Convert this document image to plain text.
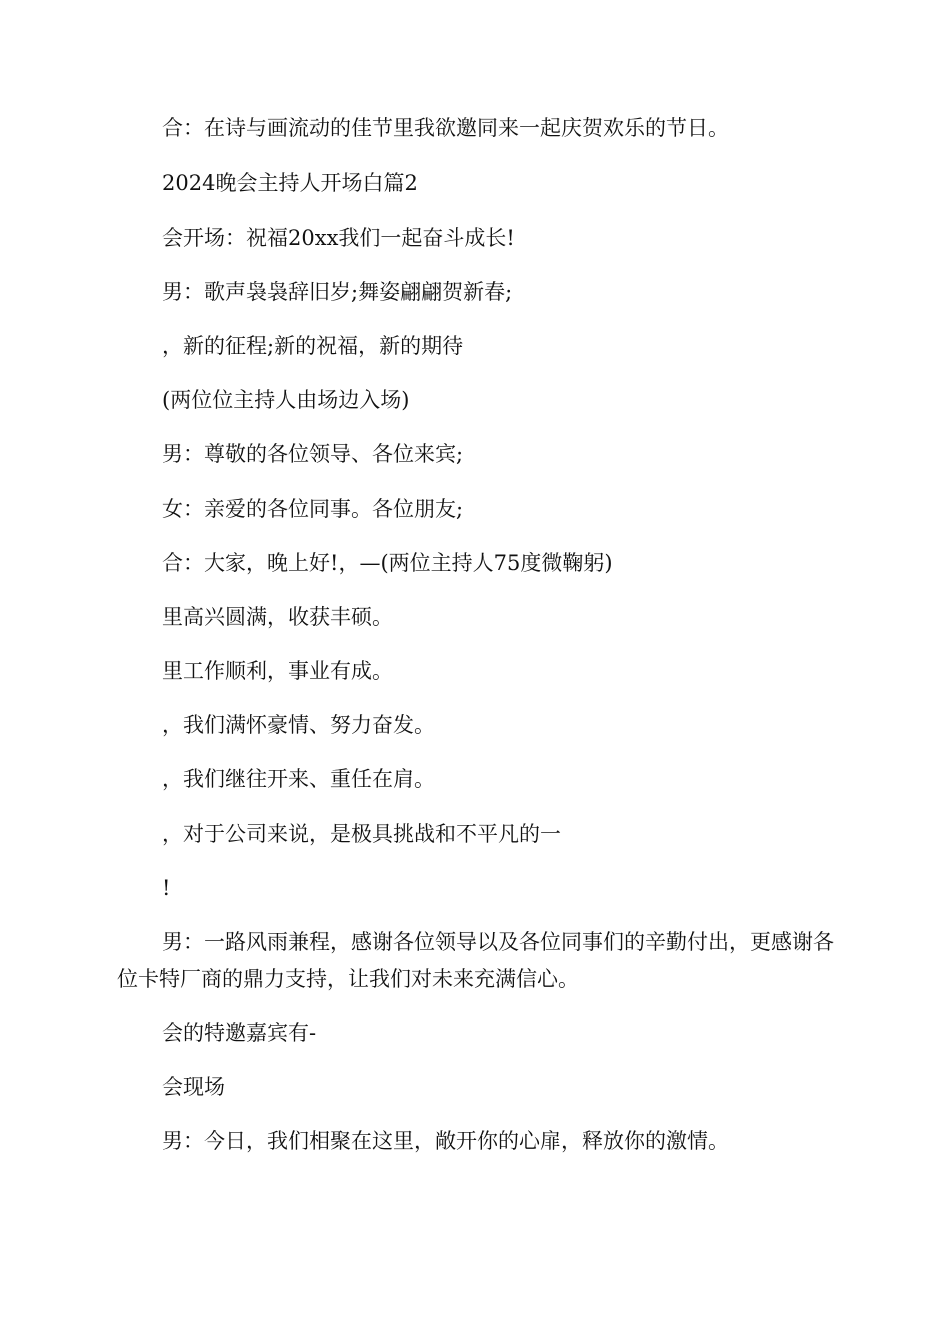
合：在诗与画流动的佳节里我欲邀同来一起庆贺欢乐的节日。

2024晚会主持人开场白篇2

会开场：祝福20xx我们一起奋斗成长!

男：歌声袅袅辞旧岁;舞姿翩翩贺新春;

，新的征程;新的祝福，新的期待

(两位位主持人由场边入场)

男：尊敬的各位领导、各位来宾;

女：亲爱的各位同事。各位朋友;

合：大家，晚上好!，—(两位主持人75度微鞠躬)

里高兴圆满，收获丰硕。

里工作顺利，事业有成。

，我们满怀豪情、努力奋发。

，我们继往开来、重任在肩。

，对于公司来说，是极具挑战和不平凡的一

!

男：一路风雨兼程，感谢各位领导以及各位同事们的辛勤付出，更感谢各位卡特厂商的鼎力支持，让我们对未来充满信心。

会的特邀嘉宾有-

会现场

男：今日，我们相聚在这里，敞开你的心扉，释放你的激情。
